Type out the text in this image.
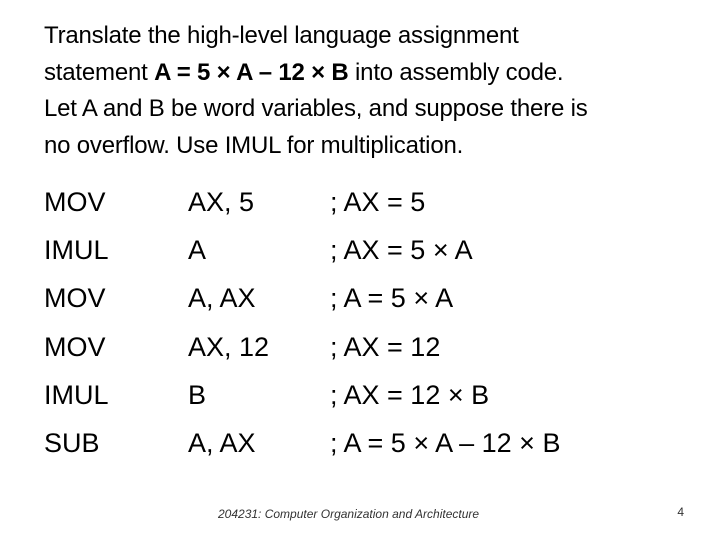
Translate the high-level language assignment
statement A = 5 × A – 12 × B into assembly code.
Let A and B be word variables, and suppose there is
no overflow. Use IMUL for multiplication.
MOV	AX, 5	; AX = 5
IMUL	A	; AX = 5 × A
MOV	A, AX	; A = 5 × A
MOV	AX, 12 ; AX = 12
IMUL	B	; AX = 12 × B
SUB	A, AX	; A = 5 × A – 12 × B
204231: Computer Organization and Architecture	4
